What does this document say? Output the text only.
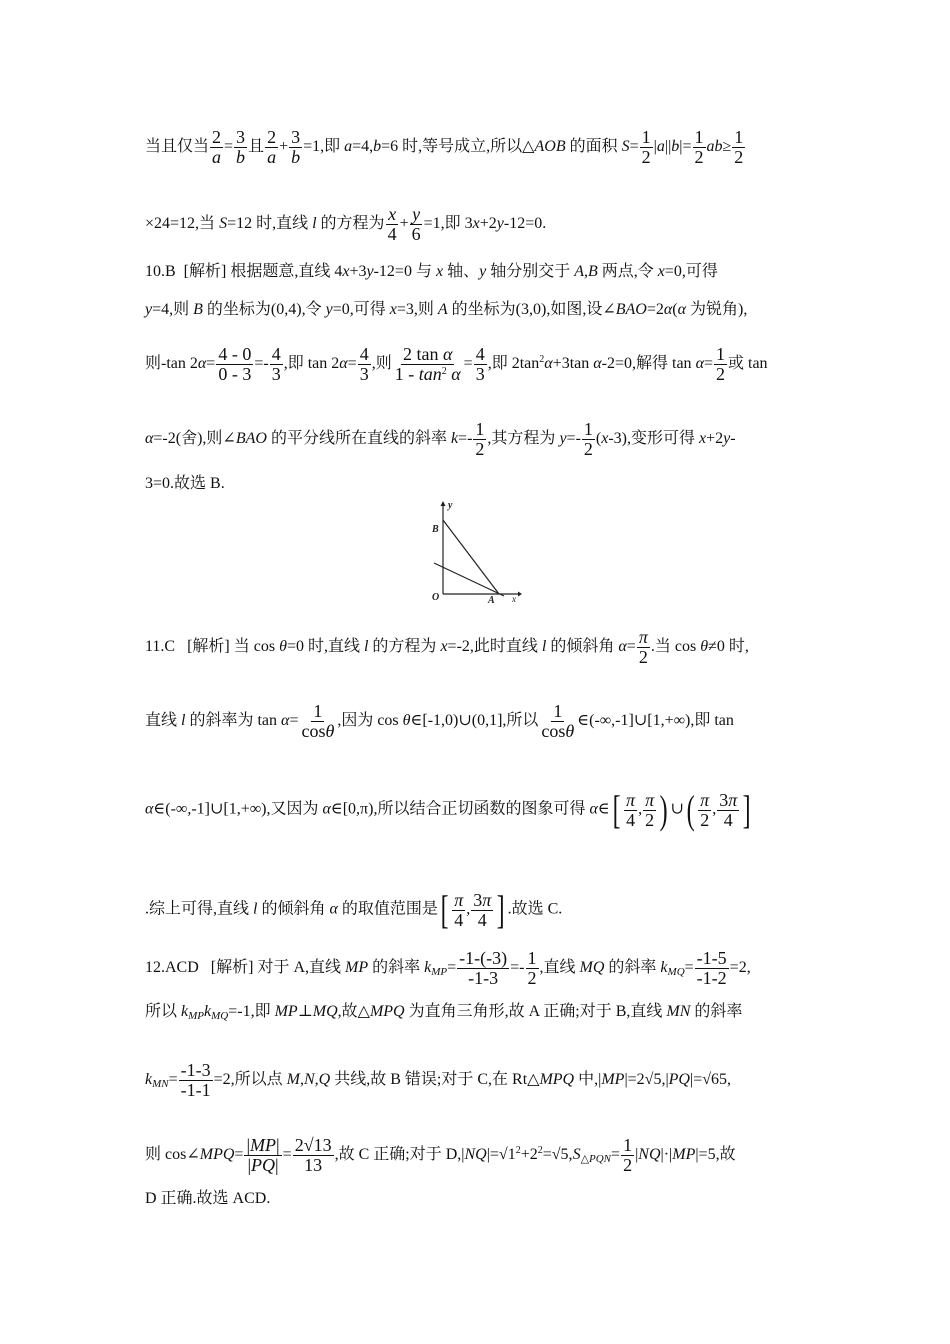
当且仅当 $\frac{2}{a} = \frac{3}{b}$ 且 $\frac{2}{a} + \frac{3}{b} =1$,即 a=4,b=6 时,等号成立,所以△AOB 的面积 $S= \frac{1}{2} |a||b|= \frac{1}{2} ab\ge \frac{1}{2}$
×24=12,当 S=12 时,直线 l 的方程为 $\frac{x}{4} + \frac{y}{6} =1$,即 3x+2y-12=0.
10.B  [解析] 根据题意,直线 4x+3y-12=0 与 x 轴、y 轴分别交于 A,B 两点,令 x=0,可得
y=4,则 B 的坐标为(0,4),令 y=0,可得 x=3,则 A 的坐标为(3,0),如图,设∠BAO=2α(α 为锐角),
则-tan $2\alpha= \frac{4 - 0}{0 - 3} =- \frac{4}{3}$ ,即 $\tan 2\alpha= \frac{4}{3}$ ,则 $\frac{\text{2 tan α}}{1 - \tan^2 \alpha} = \frac{4}{3}$ ,即 $2\tan^2\alpha+3\tan$ α-2=0,解得 $\tan \alpha= \frac{1}{2}$ 或 tan
α=-2(舍),则∠BAO 的平分线所在直线的斜率 $k=- \frac{1}{2}$ ,其方程为 $y=- \frac{1}{2} (x-3)$,变形可得 x+2y-
3=0.故选 B.
y
B
O	A x
11.C   [解析] 当 cos θ=0 时,直线 l 的方程为 x=-2,此时直线 l 的倾斜角 $\alpha= \frac{\pi}{2}$ .当 cos θ≠0 时,
直线 l 的斜率为 $\tan \alpha= \frac{1}{\cos\theta}$ ,因为 cos θ∈[-1,0)∪(0,1],所以 $\frac{1}{\cos\theta}$ ∈(-∞,-1]∪[1,+∞),即 tan
α∈(-∞,-1]∪[1,+∞),又因为 α∈[0,π),所以结合正切函数的图象可得 α∈[ $\frac{\pi}{4}$ , $\frac{\pi}{2}$ ) ∪( $\frac{\pi}{2}$ , $\frac{3\pi}{4}$ ]
.综上可得,直线 l 的倾斜角 α 的取值范围是[ $\frac{\pi}{4}$ , $\frac{3\pi}{4}$ ] .故选 C.
12.ACD   [解析] 对于 A,直线 MP 的斜率 $k_{MP}= \frac{-1-(-3)}{-1-3} =- \frac{1}{2}$ ,直线 MQ 的斜率 $k_{MQ}= \frac{-1-5}{-1-2} =2$,
所以 $k_{MP}k_{MQ}=-1$,即 MP⊥MQ,故△MPQ 为直角三角形,故 A 正确;对于 B,直线 MN 的斜率
$k_{MN}= \frac{-1-3}{-1-1} =2$,所以点 M,N,Q 共线,故 B 错误;对于 C,在 Rt△MPQ 中,|MP|=2√5,|PQ|=√65,
则 cos∠MPQ= $\frac{|MP|}{|PQ|} = \frac{2√13}{13}$ ,故 C 正确;对于 $D,|NQ|=√1^2+2^2=√5,S_{\triangle PQN}= \frac{1}{2} |NQ|\cdot|MP|=5$,故
D 正确.故选 ACD.
